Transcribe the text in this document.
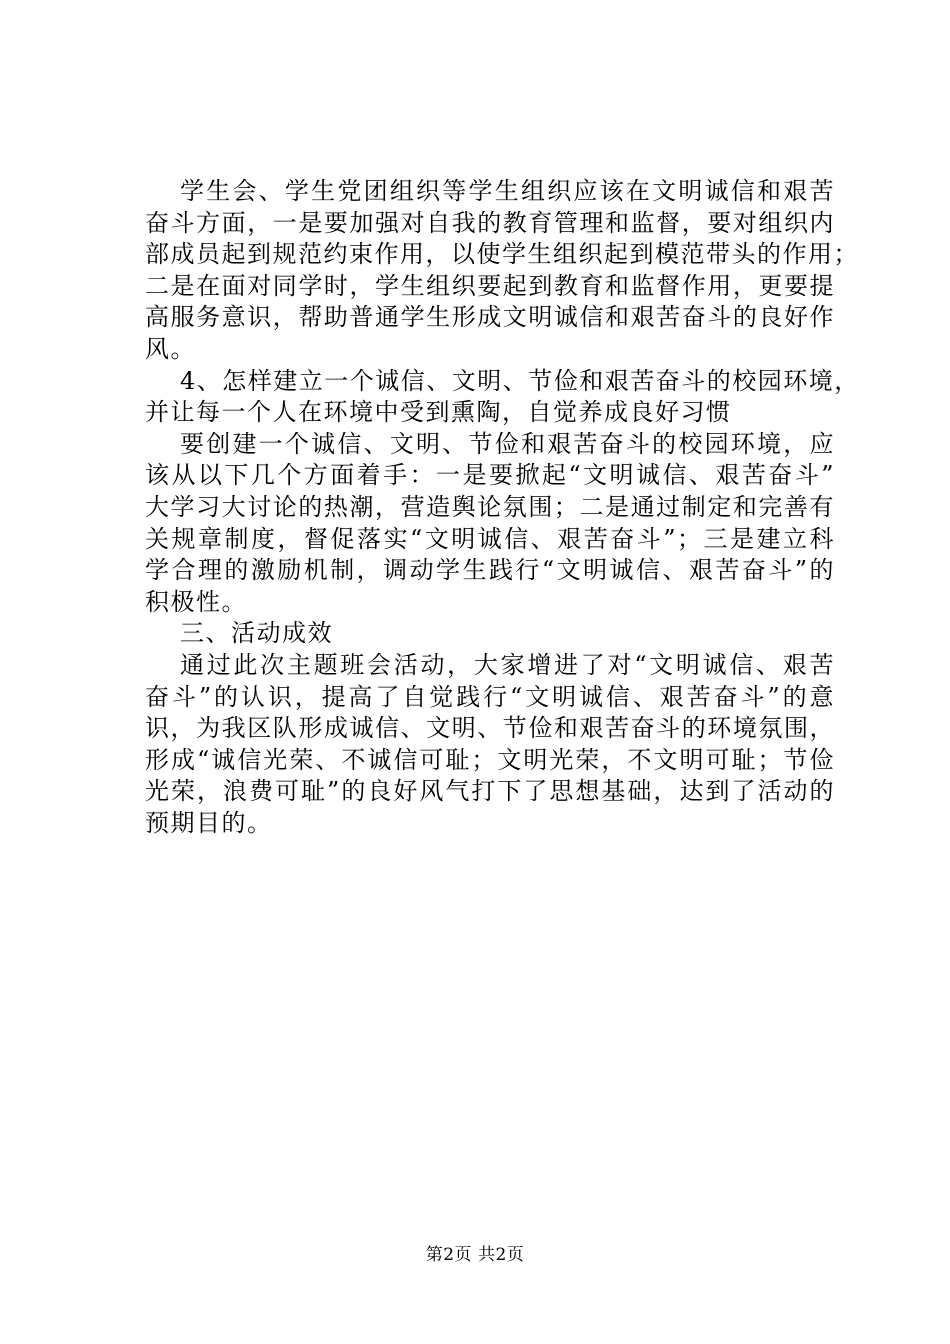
学生会、学生党团组织等学生组织应该在文明诚信和艰苦
奋斗方面，一是要加强对自我的教育管理和监督，要对组织内
部成员起到规范约束作用，以使学生组织起到模范带头的作用；
二是在面对同学时，学生组织要起到教育和监督作用，更要提
高服务意识，帮助普通学生形成文明诚信和艰苦奋斗的良好作
风。
4、怎样建立一个诚信、文明、节俭和艰苦奋斗的校园环境，
并让每一个人在环境中受到熏陶，自觉养成良好习惯
要创建一个诚信、文明、节俭和艰苦奋斗的校园环境，应
该从以下几个方面着手：一是要掀起“文明诚信、艰苦奋斗”
大学习大讨论的热潮，营造舆论氛围；二是通过制定和完善有
关规章制度，督促落实“文明诚信、艰苦奋斗”；三是建立科
学合理的激励机制，调动学生践行“文明诚信、艰苦奋斗”的
积极性。
三、活动成效
通过此次主题班会活动，大家增进了对“文明诚信、艰苦
奋斗”的认识，提高了自觉践行“文明诚信、艰苦奋斗”的意
识，为我区队形成诚信、文明、节俭和艰苦奋斗的环境氛围，
形成“诚信光荣、不诚信可耻；文明光荣，不文明可耻；节俭
光荣，浪费可耻”的良好风气打下了思想基础，达到了活动的
预期目的。
第2页 共2页
